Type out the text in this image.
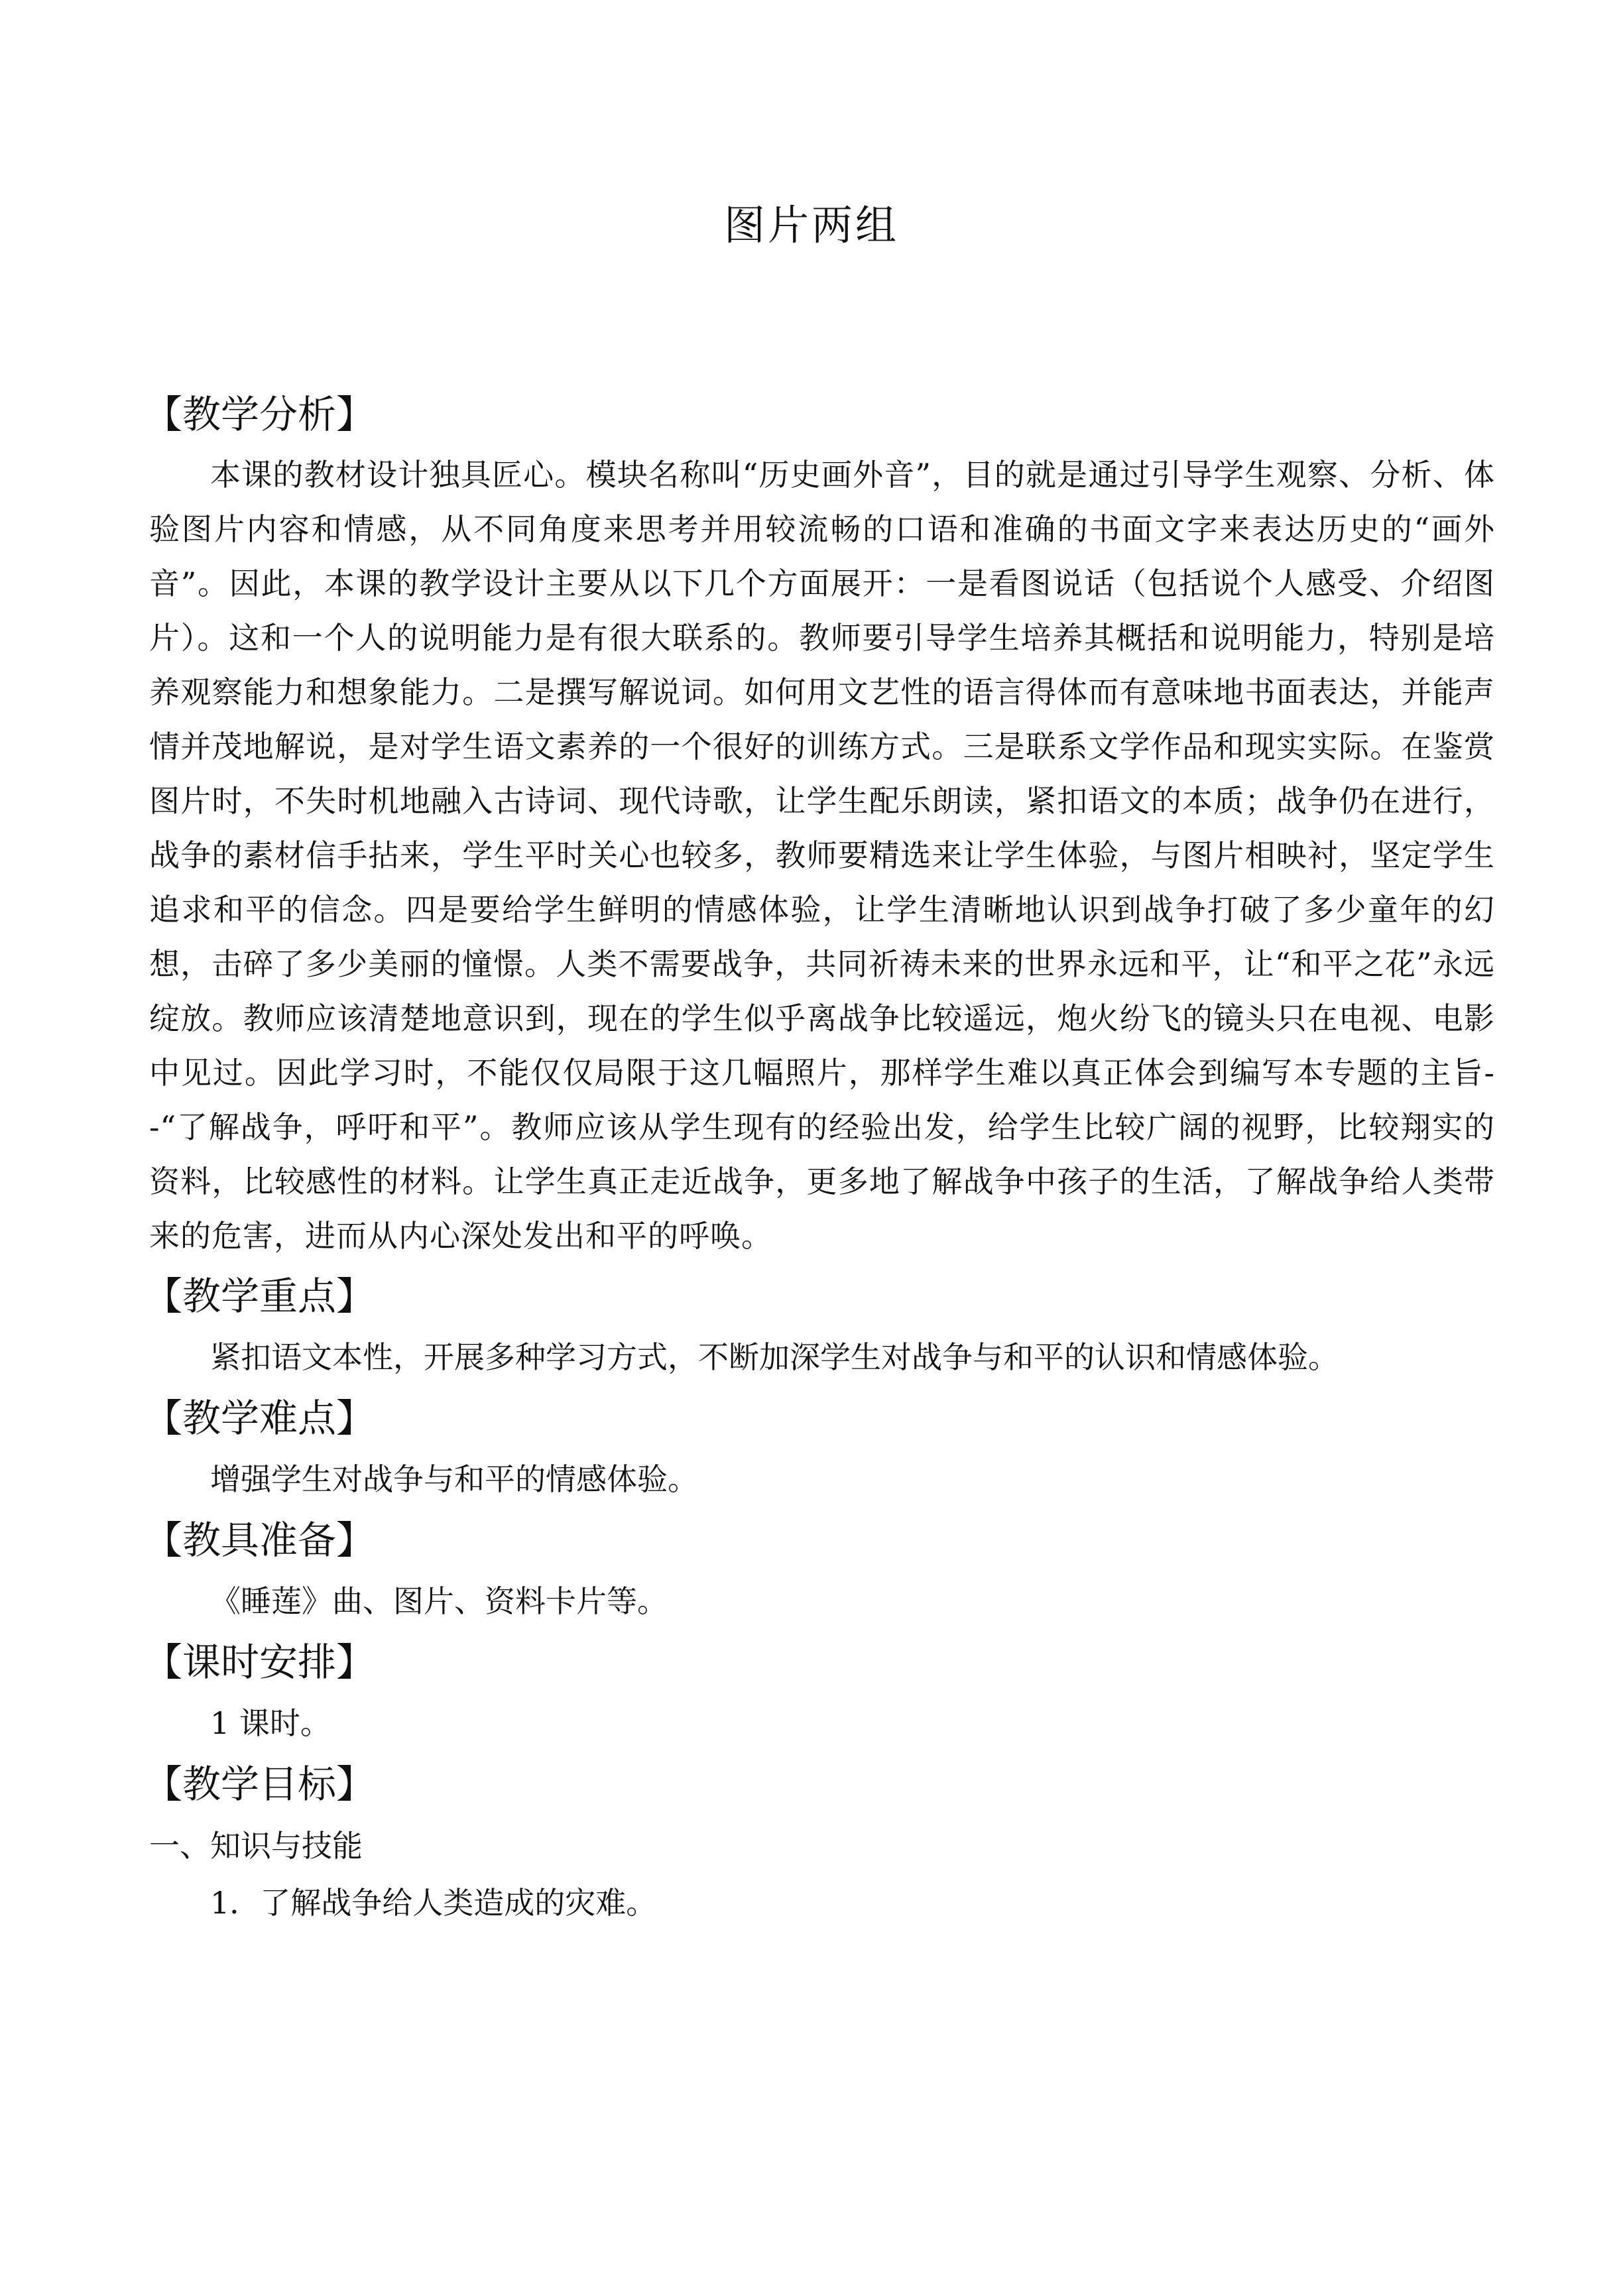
图片两组
【教学分析】

本课的教材设计独具匠心。模块名称叫“历史画外音”，目的就是通过引导学生观察、分析、体验图片内容和情感，从不同角度来思考并用较流畅的口语和准确的书面文字来表达历史的“画外音”。因此，本课的教学设计主要从以下几个方面展开：一是看图说话（包括说个人感受、介绍图片）。这和一个人的说明能力是有很大联系的。教师要引导学生培养其概括和说明能力，特别是培养观察能力和想象能力。二是撰写解说词。如何用文艺性的语言得体而有意味地书面表达，并能声情并茂地解说，是对学生语文素养的一个很好的训练方式。三是联系文学作品和现实实际。在鉴赏图片时，不失时机地融入古诗词、现代诗歌，让学生配乐朗读，紧扣语文的本质；战争仍在进行，战争的素材信手拈来，学生平时关心也较多，教师要精选来让学生体验，与图片相映衬，坚定学生追求和平的信念。四是要给学生鲜明的情感体验，让学生清晰地认识到战争打破了多少童年的幻想，击碎了多少美丽的憧憬。人类不需要战争，共同祈祷未来的世界永远和平，让“和平之花”永远绽放。教师应该清楚地意识到，现在的学生似乎离战争比较遥远，炮火纷飞的镜头只在电视、电影中见过。因此学习时，不能仅仅局限于这几幅照片，那样学生难以真正体会到编写本专题的主旨--“了解战争，呼吁和平”。教师应该从学生现有的经验出发，给学生比较广阔的视野，比较翔实的资料，比较感性的材料。让学生真正走近战争，更多地了解战争中孩子的生活，了解战争给人类带来的危害，进而从内心深处发出和平的呼唤。

【教学重点】

紧扣语文本性，开展多种学习方式，不断加深学生对战争与和平的认识和情感体验。

【教学难点】

增强学生对战争与和平的情感体验。

【教具准备】

《睡莲》曲、图片、资料卡片等。

【课时安排】

1 课时。

【教学目标】
一、知识与技能
1．了解战争给人类造成的灾难。
